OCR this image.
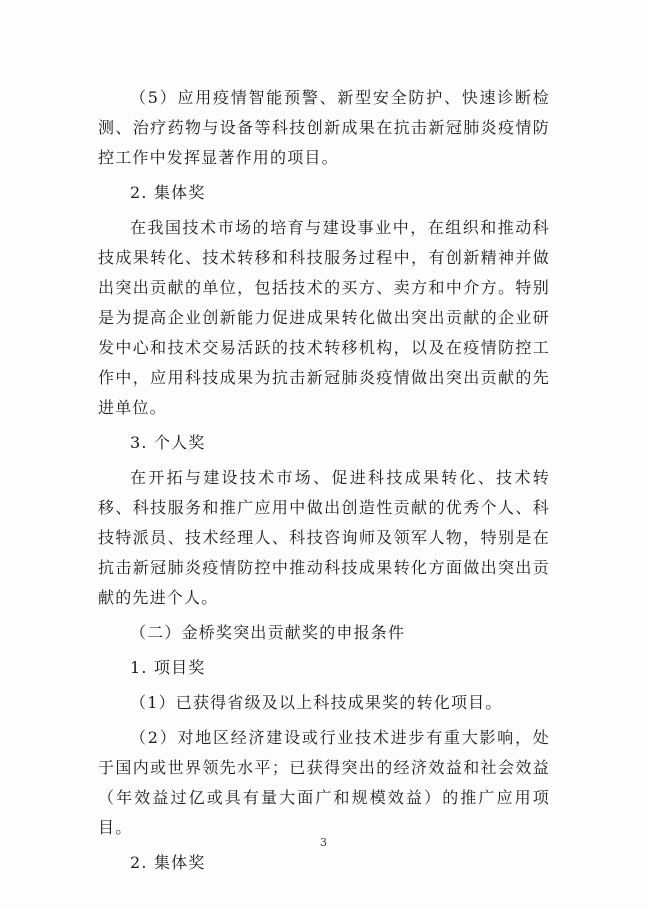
（5）应用疫情智能预警、新型安全防护、快速诊断检测、治疗药物与设备等科技创新成果在抗击新冠肺炎疫情防控工作中发挥显著作用的项目。

2. 集体奖

在我国技术市场的培育与建设事业中，在组织和推动科技成果转化、技术转移和科技服务过程中，有创新精神并做出突出贡献的单位，包括技术的买方、卖方和中介方。特别是为提高企业创新能力促进成果转化做出突出贡献的企业研发中心和技术交易活跃的技术转移机构，以及在疫情防控工作中，应用科技成果为抗击新冠肺炎疫情做出突出贡献的先进单位。

3. 个人奖

在开拓与建设技术市场、促进科技成果转化、技术转移、科技服务和推广应用中做出创造性贡献的优秀个人、科技特派员、技术经理人、科技咨询师及领军人物，特别是在抗击新冠肺炎疫情防控中推动科技成果转化方面做出突出贡献的先进个人。

（二）金桥奖突出贡献奖的申报条件

1. 项目奖

（1）已获得省级及以上科技成果奖的转化项目。

（2）对地区经济建设或行业技术进步有重大影响，处于国内或世界领先水平；已获得突出的经济效益和社会效益（年效益过亿或具有量大面广和规模效益）的推广应用项目。

2. 集体奖

3
